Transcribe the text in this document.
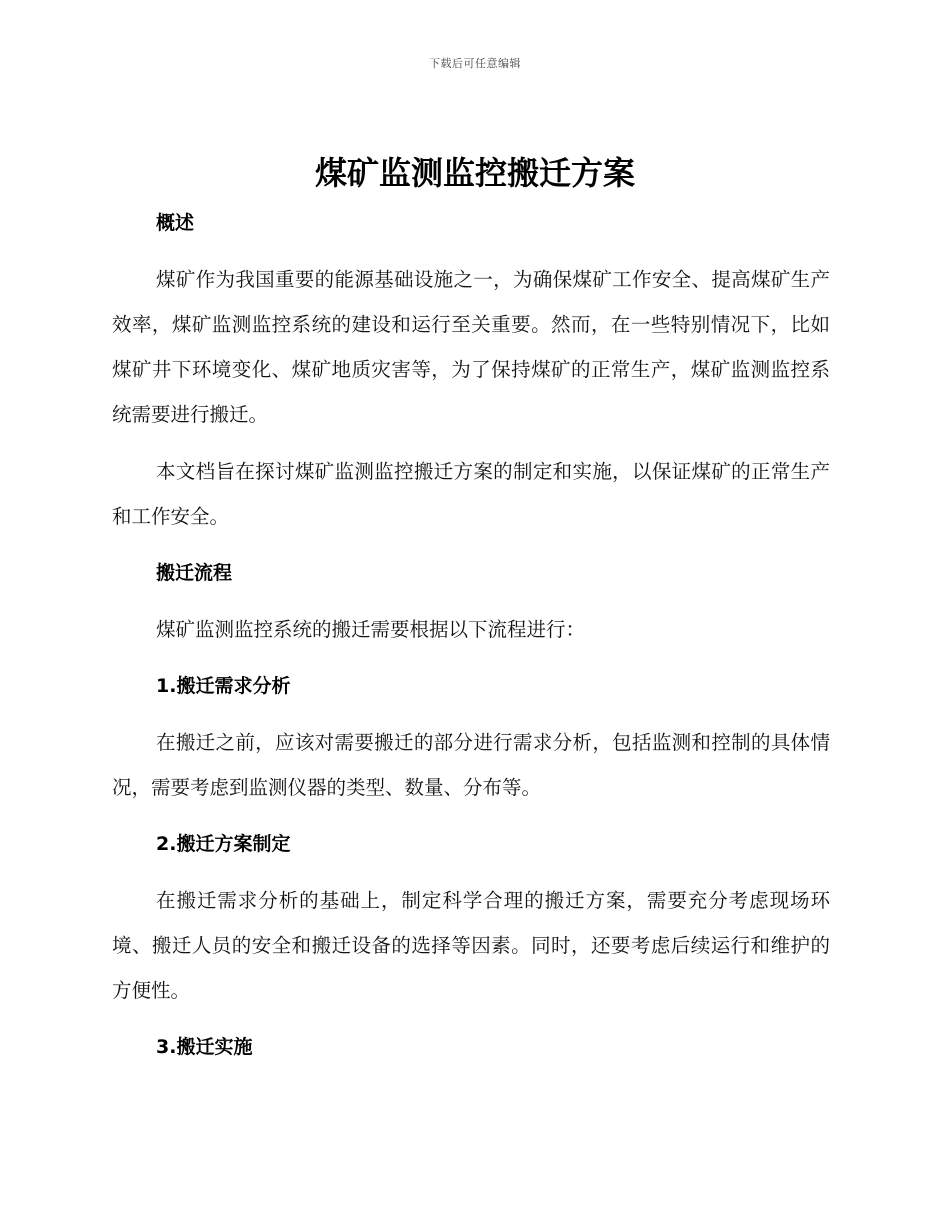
下载后可任意编辑
煤矿监测监控搬迁方案

概述

煤矿作为我国重要的能源基础设施之一，为确保煤矿工作安全、提高煤矿生产效率，煤矿监测监控系统的建设和运行至关重要。然而，在一些特别情况下，比如煤矿井下环境变化、煤矿地质灾害等，为了保持煤矿的正常生产，煤矿监测监控系统需要进行搬迁。

本文档旨在探讨煤矿监测监控搬迁方案的制定和实施，以保证煤矿的正常生产和工作安全。

搬迁流程

煤矿监测监控系统的搬迁需要根据以下流程进行：

1.搬迁需求分析

在搬迁之前，应该对需要搬迁的部分进行需求分析，包括监测和控制的具体情况，需要考虑到监测仪器的类型、数量、分布等。

2.搬迁方案制定

在搬迁需求分析的基础上，制定科学合理的搬迁方案，需要充分考虑现场环境、搬迁人员的安全和搬迁设备的选择等因素。同时，还要考虑后续运行和维护的方便性。

3.搬迁实施
